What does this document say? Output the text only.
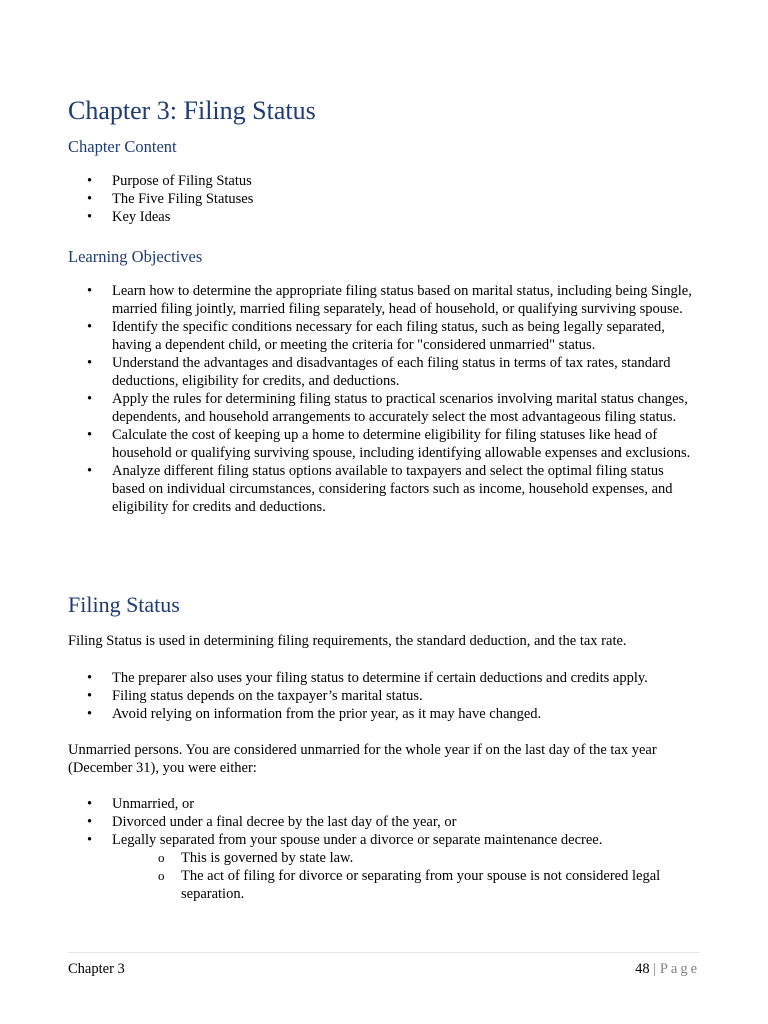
Chapter 3: Filing Status
Chapter Content
• Purpose of Filing Status
• The Five Filing Statuses
• Key Ideas
Learning Objectives
• Learn how to determine the appropriate filing status based on marital status, including being Single, married filing jointly, married filing separately, head of household, or qualifying surviving spouse.
• Identify the specific conditions necessary for each filing status, such as being legally separated, having a dependent child, or meeting the criteria for "considered unmarried" status.
• Understand the advantages and disadvantages of each filing status in terms of tax rates, standard deductions, eligibility for credits, and deductions.
• Apply the rules for determining filing status to practical scenarios involving marital status changes, dependents, and household arrangements to accurately select the most advantageous filing status.
• Calculate the cost of keeping up a home to determine eligibility for filing statuses like head of household or qualifying surviving spouse, including identifying allowable expenses and exclusions.
• Analyze different filing status options available to taxpayers and select the optimal filing status based on individual circumstances, considering factors such as income, household expenses, and eligibility for credits and deductions.
Filing Status

Filing Status is used in determining filing requirements, the standard deduction, and the tax rate.

• The preparer also uses your filing status to determine if certain deductions and credits apply.
• Filing status depends on the taxpayer’s marital status.
• Avoid relying on information from the prior year, as it may have changed.

Unmarried persons. You are considered unmarried for the whole year if on the last day of the tax year (December 31), you were either:

• Unmarried, or
• Divorced under a final decree by the last day of the year, or
• Legally separated from your spouse under a divorce or separate maintenance decree.
o This is governed by state law.
o The act of filing for divorce or separating from your spouse is not considered legal separation.
Chapter 3	48 | Page
